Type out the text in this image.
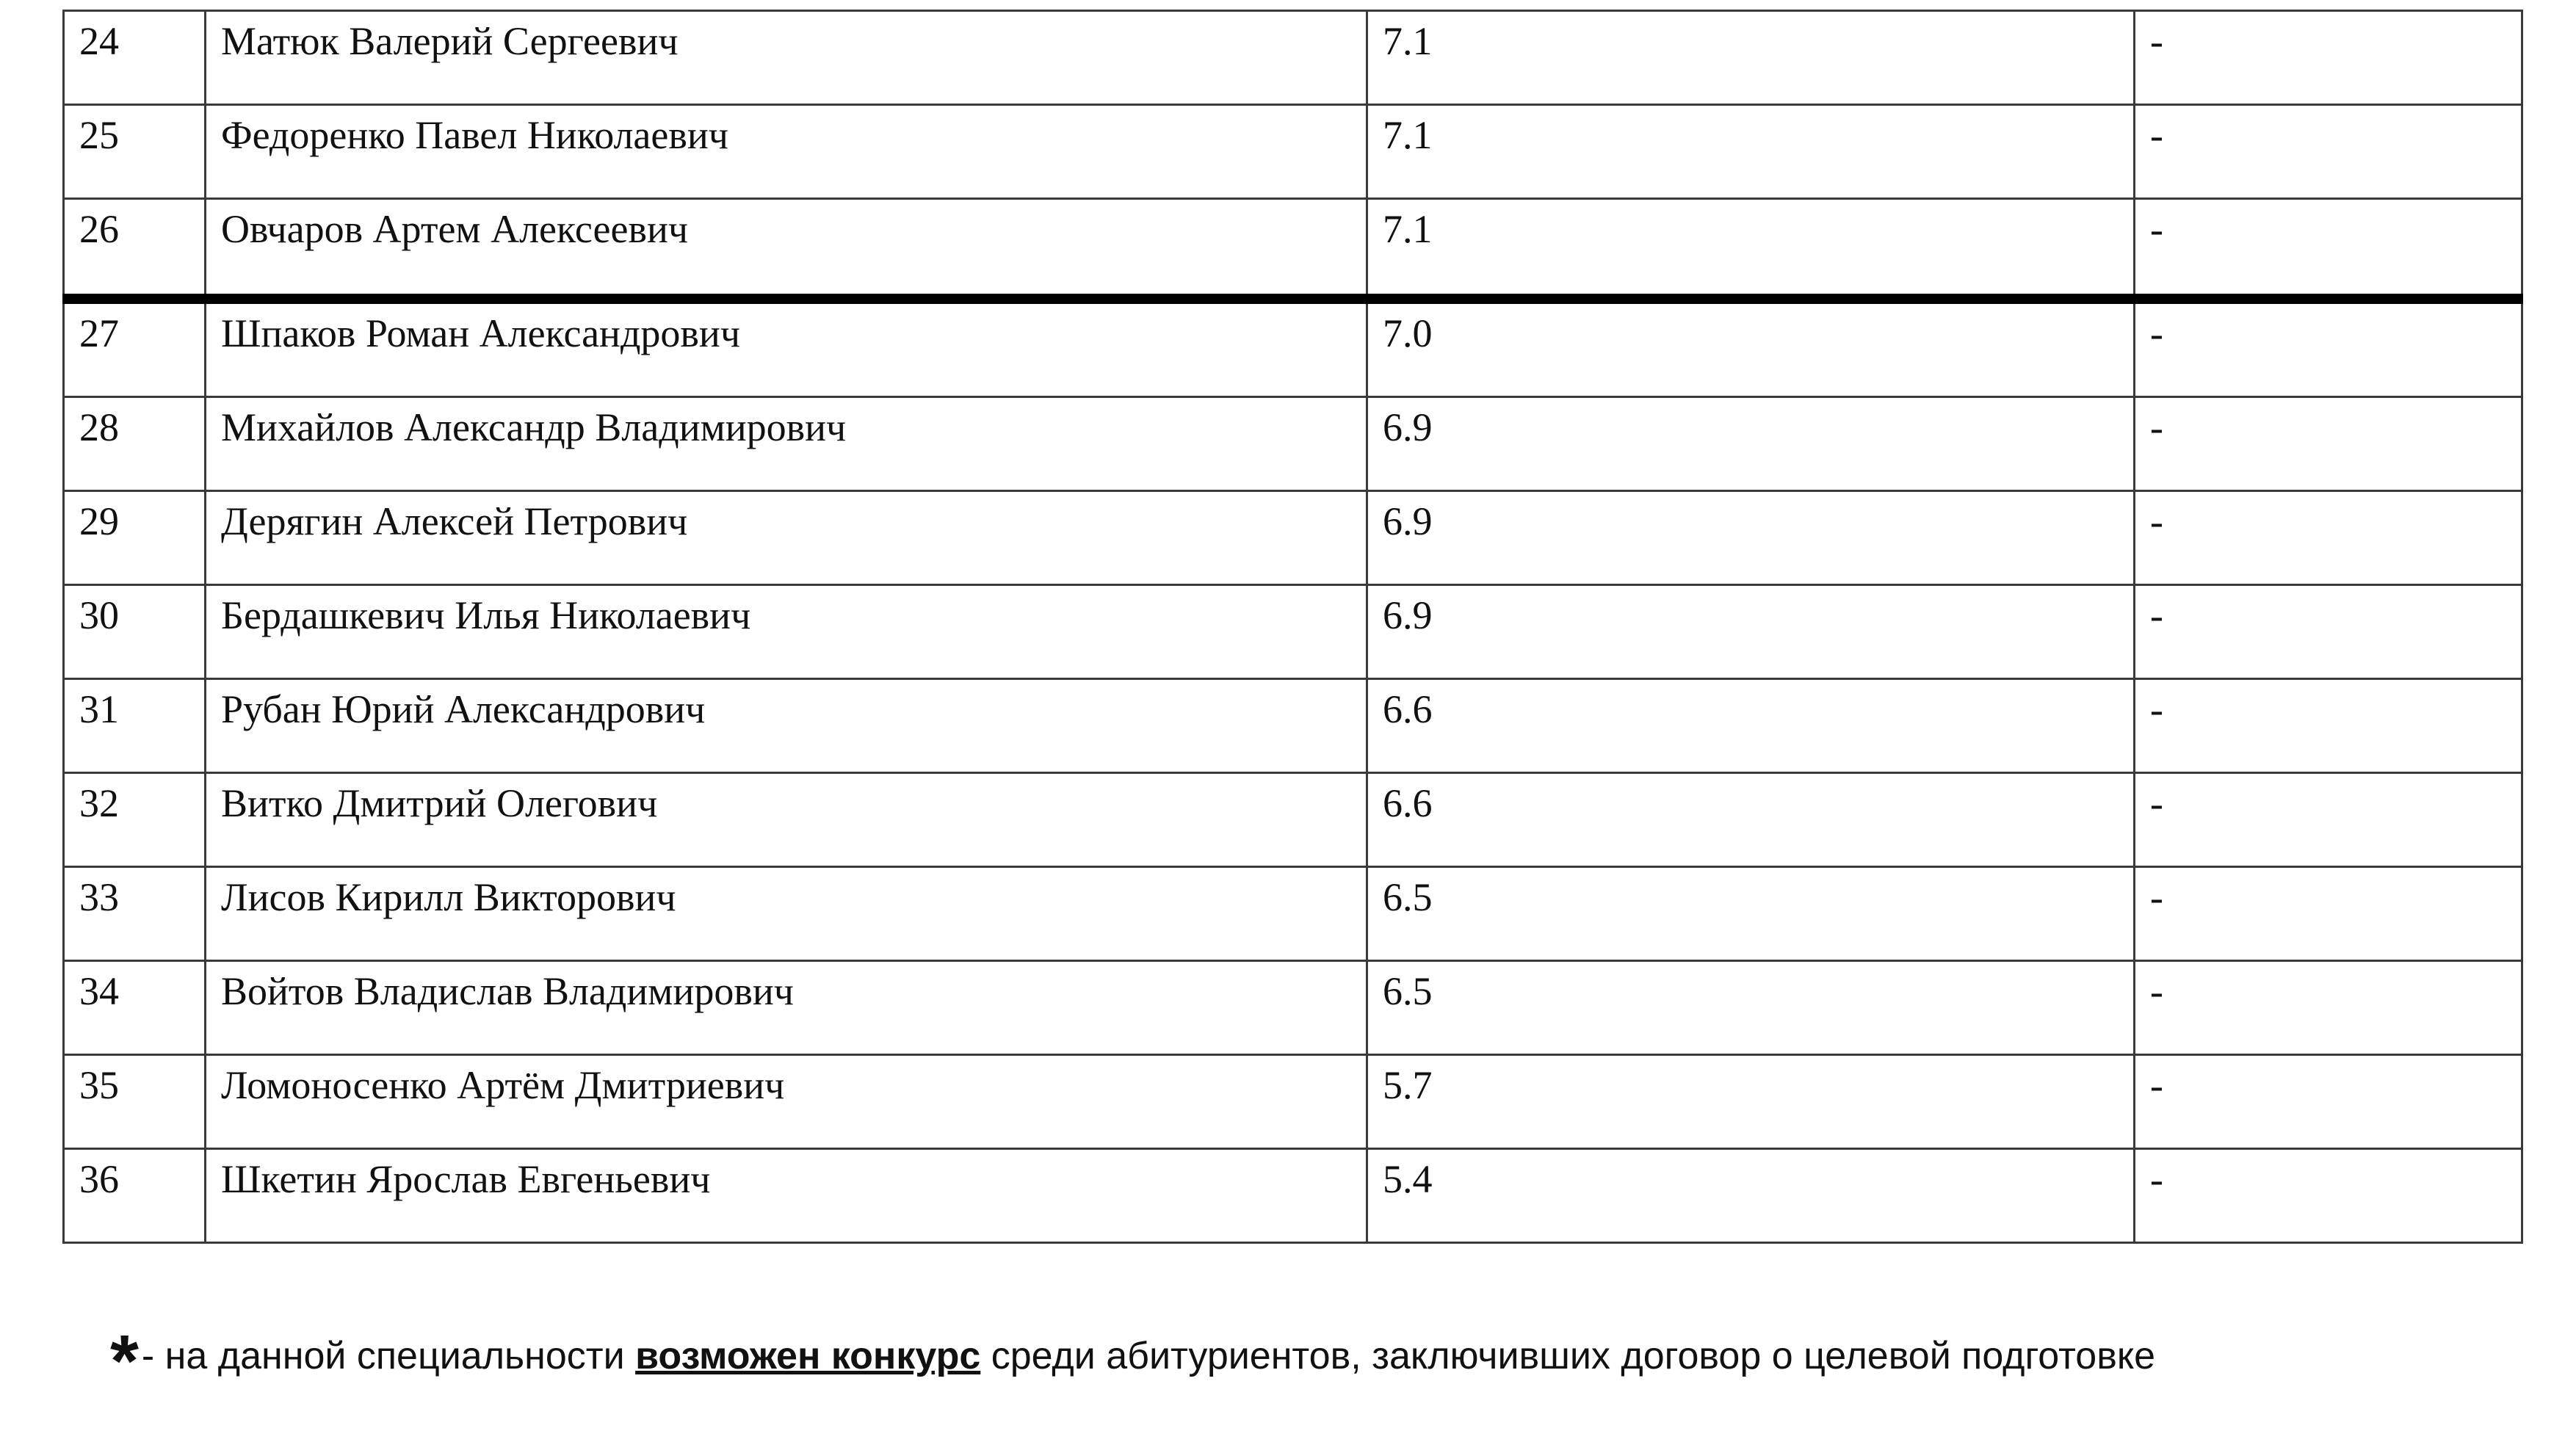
24	Матюк Валерий Сергеевич	7.1	-
25	Федоренко Павел Николаевич	7.1	-
26	Овчаров Артем Алексеевич	7.1	-
27	Шпаков Роман Александрович	7.0	-
28	Михайлов Александр Владимирович	6.9	-
29	Дерягин Алексей Петрович	6.9	-
30	Бердашкевич Илья Николаевич	6.9	-
31	Рубан Юрий Александрович	6.6	-
32	Витко Дмитрий Олегович	6.6	-
33	Лисов Кирилл Викторович	6.5	-
34	Войтов Владислав Владимирович	6.5	-
35	Ломоносенко Артём Дмитриевич	5.7	-
36	Шкетин Ярослав Евгеньевич	5.4	-
*- на данной специальности возможен конкурс среди абитуриентов, заключивших договор о целевой подготовке
